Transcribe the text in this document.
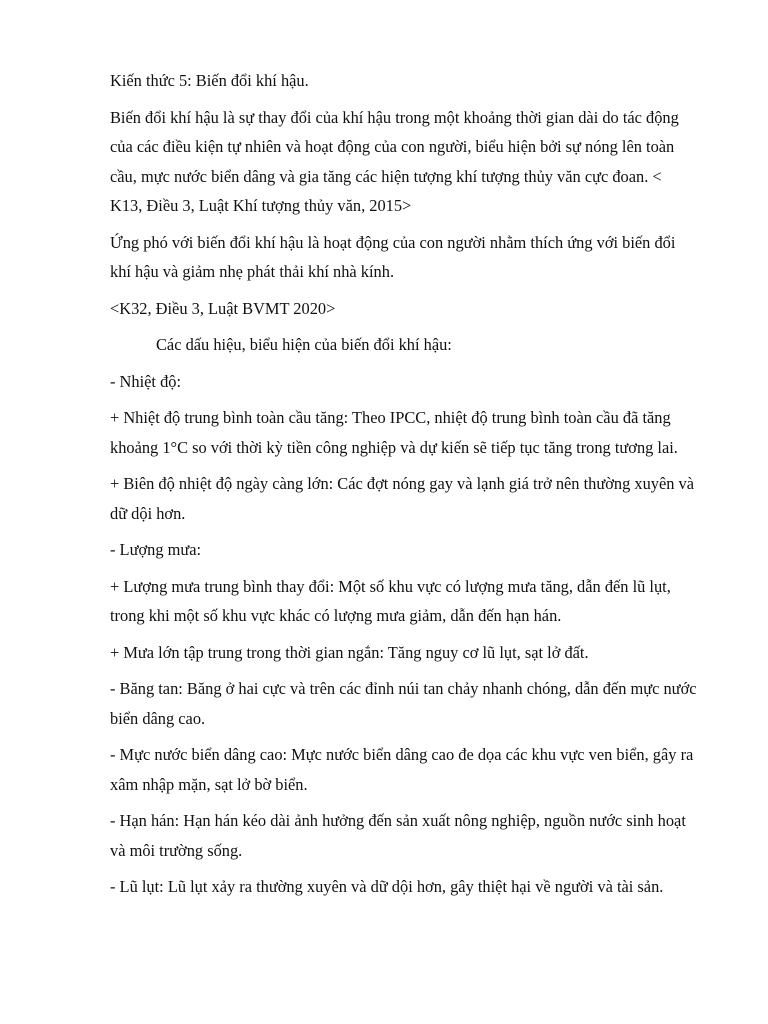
Kiến thức 5: Biến đổi khí hậu.

Biến đổi khí hậu là sự thay đổi của khí hậu trong một khoảng thời gian dài do tác động của các điều kiện tự nhiên và hoạt động của con người, biểu hiện bởi sự nóng lên toàn cầu, mực nước biển dâng và gia tăng các hiện tượng khí tượng thủy văn cực đoan. < K13, Điều 3, Luật Khí tượng thủy văn, 2015>

Ứng phó với biến đổi khí hậu là hoạt động của con người nhằm thích ứng với biến đổi khí hậu và giảm nhẹ phát thải khí nhà kính.

<K32, Điều 3, Luật BVMT 2020>

Các dấu hiệu, biểu hiện của biến đổi khí hậu:

- Nhiệt độ:

+ Nhiệt độ trung bình toàn cầu tăng: Theo IPCC, nhiệt độ trung bình toàn cầu đã tăng khoảng 1°C so với thời kỳ tiền công nghiệp và dự kiến sẽ tiếp tục tăng trong tương lai.

+ Biên độ nhiệt độ ngày càng lớn: Các đợt nóng gay và lạnh giá trở nên thường xuyên và dữ dội hơn.

- Lượng mưa:

+ Lượng mưa trung bình thay đổi: Một số khu vực có lượng mưa tăng, dẫn đến lũ lụt, trong khi một số khu vực khác có lượng mưa giảm, dẫn đến hạn hán.

+ Mưa lớn tập trung trong thời gian ngắn: Tăng nguy cơ lũ lụt, sạt lở đất.

- Băng tan: Băng ở hai cực và trên các đỉnh núi tan chảy nhanh chóng, dẫn đến mực nước biển dâng cao.

- Mực nước biển dâng cao: Mực nước biển dâng cao đe dọa các khu vực ven biển, gây ra xâm nhập mặn, sạt lở bờ biển.

- Hạn hán: Hạn hán kéo dài ảnh hưởng đến sản xuất nông nghiệp, nguồn nước sinh hoạt và môi trường sống.

- Lũ lụt: Lũ lụt xảy ra thường xuyên và dữ dội hơn, gây thiệt hại về người và tài sản.
